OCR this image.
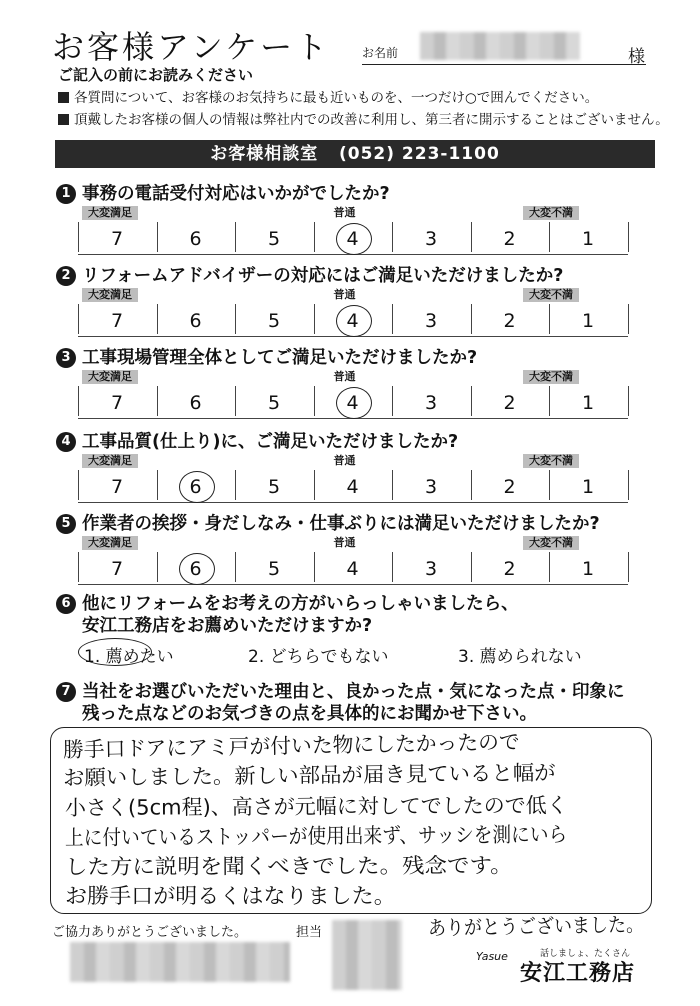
お客様アンケート	お名前	様
ご記入の前にお読みください
各質問について、お客様のお気持ちに最も近いものを、一つだけ○で囲んでください。
頂戴したお客様の個人の情報は弊社内での改善に利用し、第三者に開示することはございません。
お客様相談室 (052) 223-1100
1 事務の電話受付対応はいかがでしたか?
大変満足	普通	大変不満
7	6	5	4	3	2	1
2 リフォームアドバイザーの対応にはご満足いただけましたか?
大変満足	普通	大変不満
7	6	5	4	3	2	1
3 工事現場管理全体としてご満足いただけましたか?
大変満足	普通	大変不満
7	6	5	4	3	2	1
4 工事品質(仕上り)に、ご満足いただけましたか?
大変満足	普通	大変不満
7	6	5	4	3	2	1
5 作業者の挨拶・身だしなみ・仕事ぶりには満足いただけましたか?
大変満足	普通	大変不満
7	6	5	4	3	2	1
6 他にリフォームをお考えの方がいらっしゃいましたら、
安江工務店をお薦めいただけますか?
1. 薦めたい	2. どちらでもない	3. 薦められない
7 当社をお選びいただいた理由と、良かった点・気になった点・印象に
残った点などのお気づきの点を具体的にお聞かせ下さい。
勝手口ドアにアミ戸が付いた物にしたかったので
お願いしました。新しい部品が届き見ていると幅が
小さく(5cm程)、高さが元幅に対してでしたので低く
上に付いているストッパーが使用出来ず、サッシを測にいら
した方に説明を聞くべきでした。残念です。
お勝手口が明るくはなりました。
ありがとうございました。
ご協力ありがとうございました。	担当
話しましょ、たくさん
Yasue
安江工務店
